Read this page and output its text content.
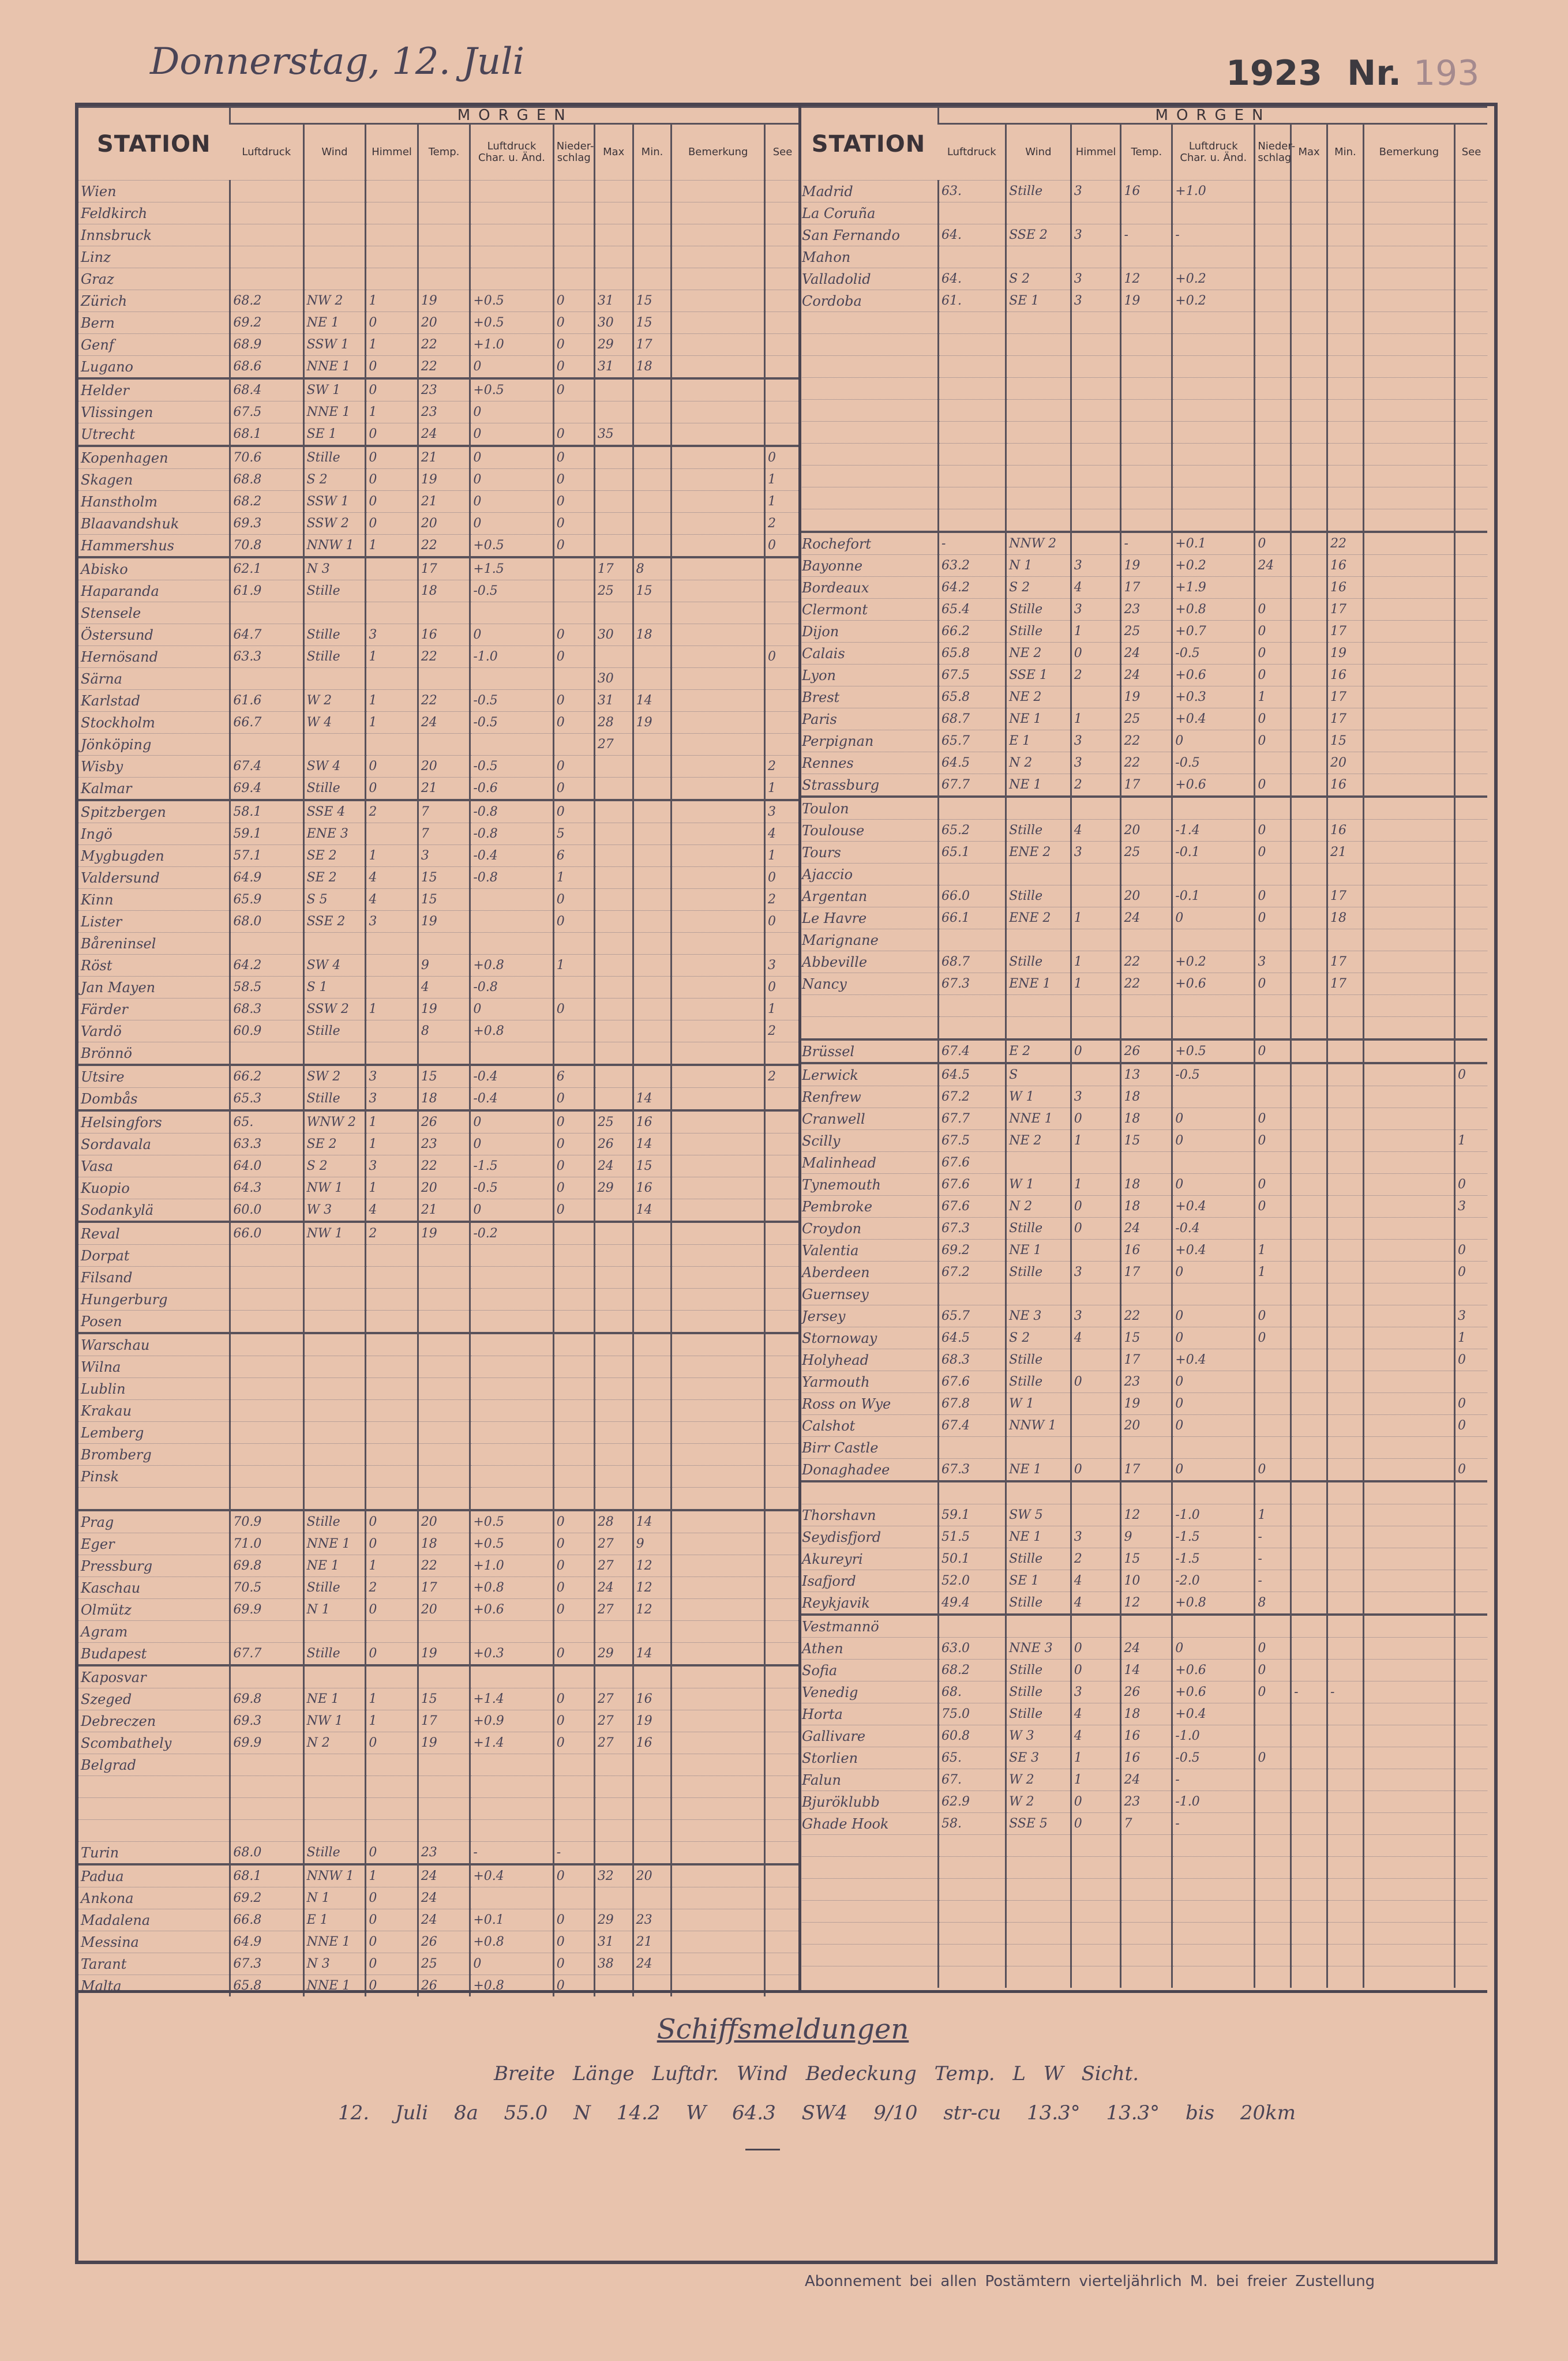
Donnerstag, 12. Juli	1923 Nr. 193
STATION	MORGEN									
	Luftdruck	Wind	Himmel	Temp.	Luftdruck Char. u. Änd.	Nieder-schlag	Max	Min.	Bemerkung	See
Wien										
Feldkirch										
Innsbruck										
Linz										
Graz										
Zürich	68.2	NW 2	1	19	+0.5	0	31	15		
Bern	69.2	NE 1	0	20	+0.5	0	30	15		
Genf	68.9	SSW 1	1	22	+1.0	0	29	17		
Lugano	68.6	NNE 1	0	22	0	0	31	18		
Helder	68.4	SW 1	0	23	+0.5	0				
Vlissingen	67.5	NNE 1	1	23	0					
Utrecht	68.1	SE 1	0	24	0	0	35			
Kopenhagen	70.6	Stille	0	21	0	0				0
Skagen	68.8	S 2	0	19	0	0				1
Hanstholm	68.2	SSW 1	0	21	0	0				1
Blaavandshuk	69.3	SSW 2	0	20	0	0				2
Hammershus	70.8	NNW 1	1	22	+0.5	0				0
Abisko	62.1	N 3		17	+1.5		17	8		
Haparanda	61.9	Stille		18	-0.5		25	15		
Stensele										
Östersund	64.7	Stille	3	16	0	0	30	18		
Hernösand	63.3	Stille	1	22	-1.0	0				0
Särna							30			
Karlstad	61.6	W 2	1	22	-0.5	0	31	14		
Stockholm	66.7	W 4	1	24	-0.5	0	28	19		
Jönköping							27			
Wisby	67.4	SW 4	0	20	-0.5	0				2
Kalmar	69.4	Stille	0	21	-0.6	0				1
Spitzbergen	58.1	SSE 4	2	7	-0.8	0				3
Ingö	59.1	ENE 3		7	-0.8	5				4
Mygbugden	57.1	SE 2	1	3	-0.4	6				1
Valdersund	64.9	SE 2	4	15	-0.8	1				0
Kinn	65.9	S 5	4	15		0				2
Lister	68.0	SSE 2	3	19		0				0
Båreninsel										
Röst	64.2	SW 4		9	+0.8	1				3
Jan Mayen	58.5	S 1		4	-0.8					0
Färder	68.3	SSW 2	1	19	0	0				1
Vardö	60.9	Stille		8	+0.8					2
Brönnö										
Utsire	66.2	SW 2	3	15	-0.4	6				2
Dombås	65.3	Stille	3	18	-0.4	0		14		
Helsingfors	65.	WNW 2	1	26	0	0	25	16		
Sordavala	63.3	SE 2	1	23	0	0	26	14		
Vasa	64.0	S 2	3	22	-1.5	0	24	15		
Kuopio	64.3	NW 1	1	20	-0.5	0	29	16		
Sodankylä	60.0	W 3	4	21	0	0		14		
Reval	66.0	NW 1	2	19	-0.2					
Dorpat										
Filsand										
Hungerburg										
Posen										
Warschau										
Wilna										
Lublin										
Krakau										
Lemberg										
Bromberg										
Pinsk										

Prag	70.9	Stille	0	20	+0.5	0	28	14		
Eger	71.0	NNE 1	0	18	+0.5	0	27	9		
Pressburg	69.8	NE 1	1	22	+1.0	0	27	12		
Kaschau	70.5	Stille	2	17	+0.8	0	24	12		
Olmütz	69.9	N 1	0	20	+0.6	0	27	12		
Agram										
Budapest	67.7	Stille	0	19	+0.3	0	29	14		
Kaposvar										
Szeged	69.8	NE 1	1	15	+1.4	0	27	16		
Debreczen	69.3	NW 1	1	17	+0.9	0	27	19		
Scombathely	69.9	N 2	0	19	+1.4	0	27	16		
Belgrad										

Turin	68.0	Stille	0	23	-	-				
Padua	68.1	NNW 1	1	24	+0.4	0	32	20		
Ankona	69.2	N 1	0	24						
Madalena	66.8	E 1	0	24	+0.1	0	29	23		
Messina	64.9	NNE 1	0	26	+0.8	0	31	21		
Tarant	67.3	N 3	0	25	0	0	38	24		
Malta	65.8	NNE 1	0	26	+0.8	0				
STATION	MORGEN									
	Luftdruck	Wind	Himmel	Temp.	Luftdruck Char. u. Änd.	Nieder-schlag	Max	Min.	Bemerkung	See
Madrid	63.	Stille	3	16	+1.0					
La Coruña										
San Fernando	64.	SSE 2	3	-	-					
Mahon										
Valladolid	64.	S 2	3	12	+0.2					
Cordoba	61.	SE 1	3	19	+0.2					

Rochefort	-	NNW 2		-	+0.1	0		22		
Bayonne	63.2	N 1	3	19	+0.2	24		16		
Bordeaux	64.2	S 2	4	17	+1.9			16		
Clermont	65.4	Stille	3	23	+0.8	0		17		
Dijon	66.2	Stille	1	25	+0.7	0		17		
Calais	65.8	NE 2	0	24	-0.5	0		19		
Lyon	67.5	SSE 1	2	24	+0.6	0		16		
Brest	65.8	NE 2		19	+0.3	1		17		
Paris	68.7	NE 1	1	25	+0.4	0		17		
Perpignan	65.7	E 1	3	22	0	0		15		
Rennes	64.5	N 2	3	22	-0.5			20		
Strassburg	67.7	NE 1	2	17	+0.6	0		16		
Toulon										
Toulouse	65.2	Stille	4	20	-1.4	0		16		
Tours	65.1	ENE 2	3	25	-0.1	0		21		
Ajaccio										
Argentan	66.0	Stille		20	-0.1	0		17		
Le Havre	66.1	ENE 2	1	24	0	0		18		
Marignane										
Abbeville	68.7	Stille	1	22	+0.2	3		17		
Nancy	67.3	ENE 1	1	22	+0.6	0		17		

Brüssel	67.4	E 2	0	26	+0.5	0				
Lerwick	64.5	S		13	-0.5					0
Renfrew	67.2	W 1	3	18						
Cranwell	67.7	NNE 1	0	18	0	0				
Scilly	67.5	NE 2	1	15	0	0				1
Malinhead	67.6									
Tynemouth	67.6	W 1	1	18	0	0				0
Pembroke	67.6	N 2	0	18	+0.4	0				3
Croydon	67.3	Stille	0	24	-0.4					
Valentia	69.2	NE 1		16	+0.4	1				0
Aberdeen	67.2	Stille	3	17	0	1				0
Guernsey										
Jersey	65.7	NE 3	3	22	0	0				3
Stornoway	64.5	S 2	4	15	0	0				1
Holyhead	68.3	Stille		17	+0.4					0
Yarmouth	67.6	Stille	0	23	0					
Ross on Wye	67.8	W 1		19	0					0
Calshot	67.4	NNW 1		20	0					0
Birr Castle										
Donaghadee	67.3	NE 1	0	17	0	0				0

Thorshavn	59.1	SW 5		12	-1.0	1				
Seydisfjord	51.5	NE 1	3	9	-1.5	-				
Akureyri	50.1	Stille	2	15	-1.5	-				
Isafjord	52.0	SE 1	4	10	-2.0	-				
Reykjavik	49.4	Stille	4	12	+0.8	8				
Vestmannö										
Athen	63.0	NNE 3	0	24	0	0				
Sofia	68.2	Stille	0	14	+0.6	0				
Venedig	68.	Stille	3	26	+0.6	0	-	-		
Horta	75.0	Stille	4	18	+0.4					
Gallivare	60.8	W 3	4	16	-1.0					
Storlien	65.	SE 3	1	16	-0.5	0				
Falun	67.	W 2	1	24	-					
Bjuröklubb	62.9	W 2	0	23	-1.0					
Ghade Hook	58.	SSE 5	0	7	-					

Schiffsmeldungen
Breite Länge Luftdr. Wind Bedeckung Temp. L W Sicht.
12. Juli 8a 55.0 N 14.2 W 64.3 SW4 9/10 str-cu 13.3° 13.3° bis 20km
Abonnement bei allen Postämtern vierteljährlich M. bei freier Zustellung
